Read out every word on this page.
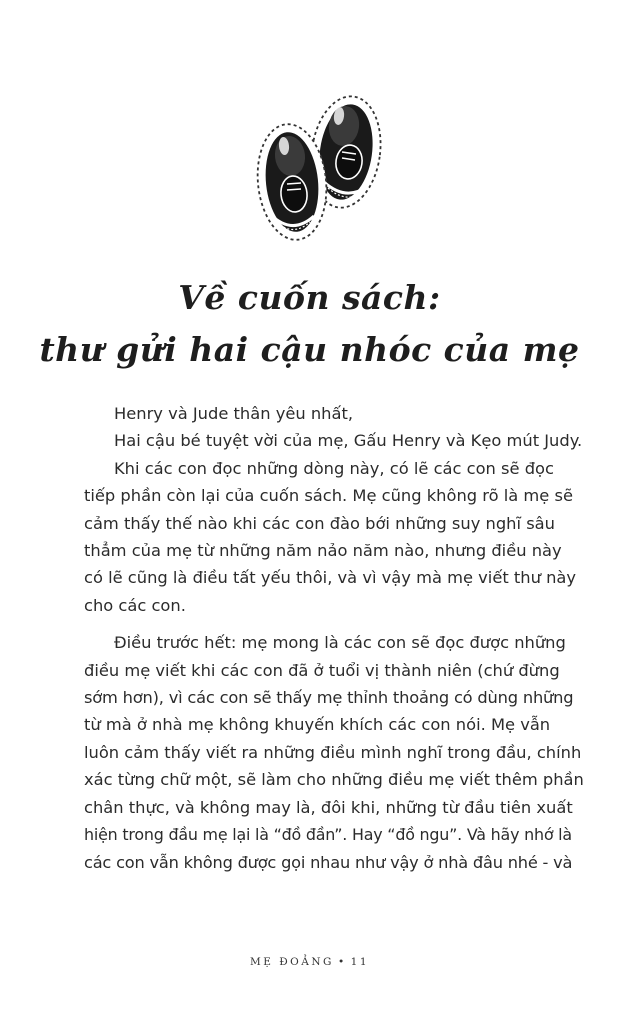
Về cuốn sách:
thư gửi hai cậu nhóc của mẹ

Henry và Jude thân yêu nhất,

Hai cậu bé tuyệt vời của mẹ, Gấu Henry và Kẹo mút Judy.

Khi các con đọc những dòng này, có lẽ các con sẽ đọc
tiếp phần còn lại của cuốn sách. Mẹ cũng không rõ là mẹ sẽ
cảm thấy thế nào khi các con đào bới những suy nghĩ sâu
thẳm của mẹ từ những năm nảo năm nào, nhưng điều này
có lẽ cũng là điều tất yếu thôi, và vì vậy mà mẹ viết thư này
cho các con.

Điều trước hết: mẹ mong là các con sẽ đọc được những
điều mẹ viết khi các con đã ở tuổi vị thành niên (chứ đừng
sớm hơn), vì các con sẽ thấy mẹ thỉnh thoảng có dùng những
từ mà ở nhà mẹ không khuyến khích các con nói. Mẹ vẫn
luôn cảm thấy viết ra những điều mình nghĩ trong đầu, chính
xác từng chữ một, sẽ làm cho những điều mẹ viết thêm phần
chân thực, và không may là, đôi khi, những từ đầu tiên xuất
hiện trong đầu mẹ lại là “đồ đần”. Hay “đồ ngu”. Và hãy nhớ là
các con vẫn không được gọi nhau như vậy ở nhà đâu nhé - và

MẸ ĐOẢNG • 11
